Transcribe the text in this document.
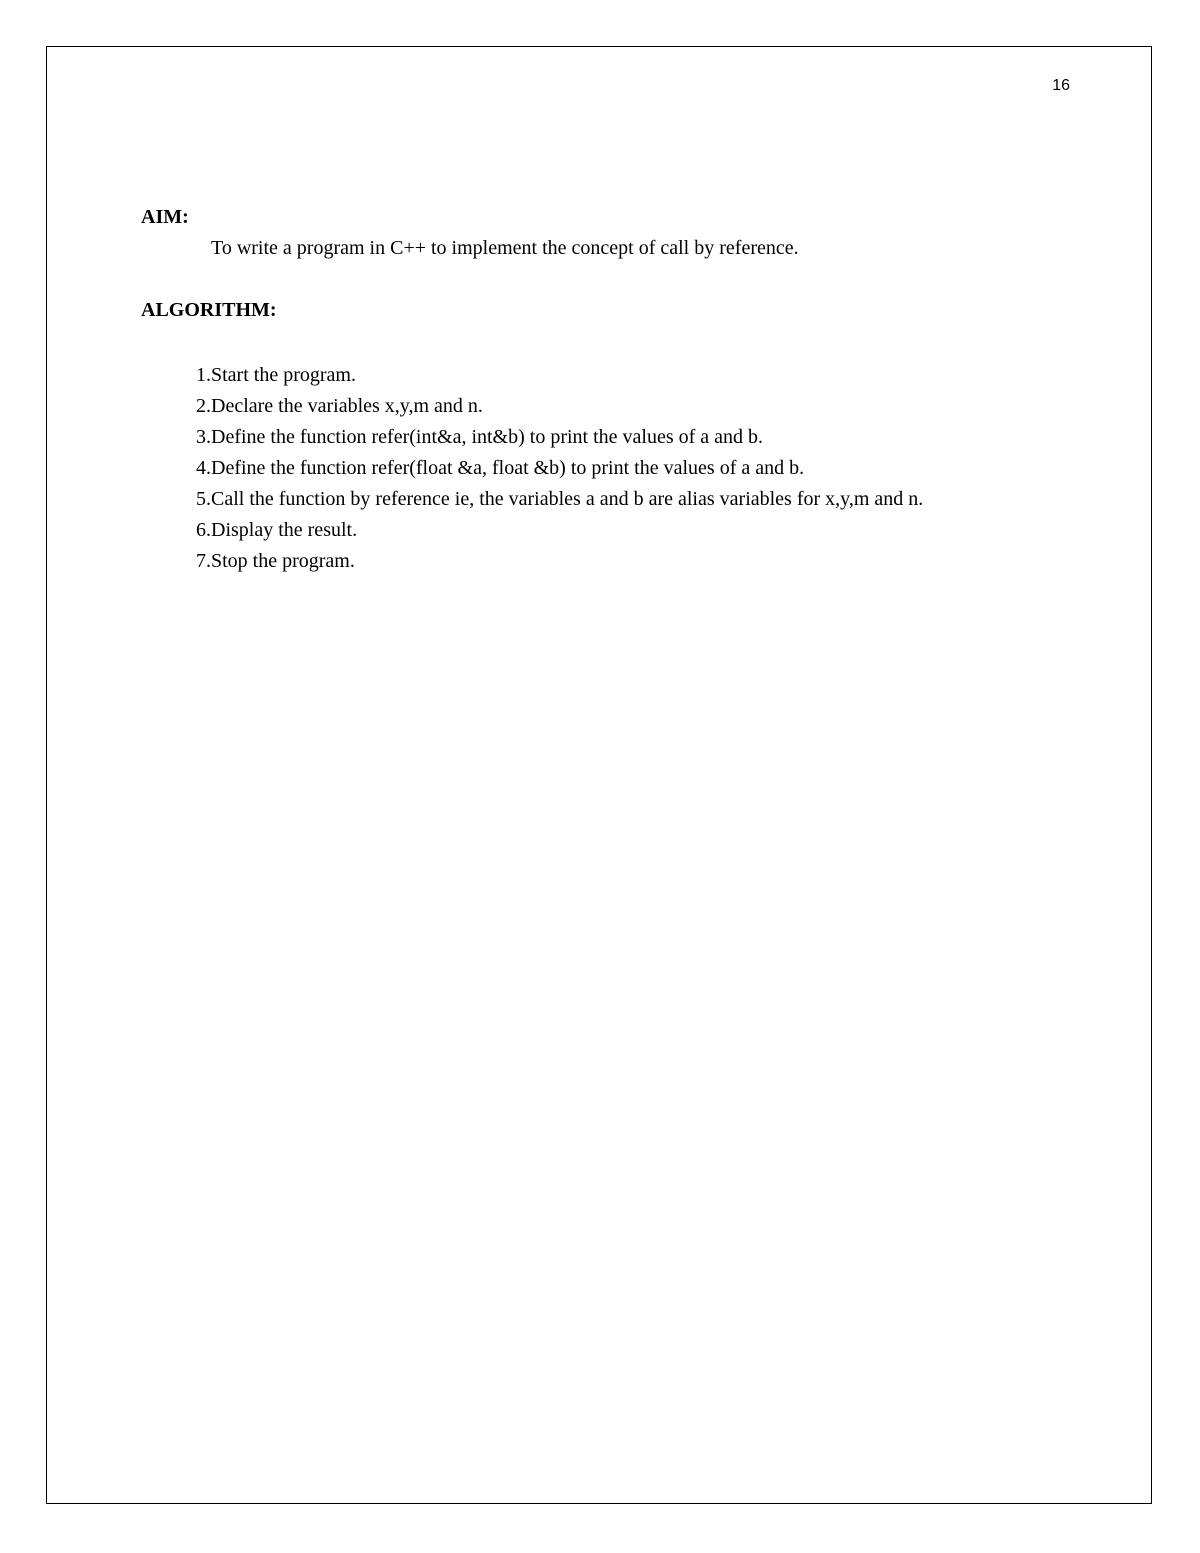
16
AIM:
To write a program in C++ to implement the concept of call by reference.
ALGORITHM:
1. Start the program.
2. Declare the variables x,y,m and n.
3. Define the function refer(int&a, int&b) to print the values of a and b.
4. Define the function refer(float &a, float &b) to print the values of a and b.
5. Call the function by reference ie, the variables a and b are alias variables for x,y,m and n.
6. Display the result.
7. Stop the program.
